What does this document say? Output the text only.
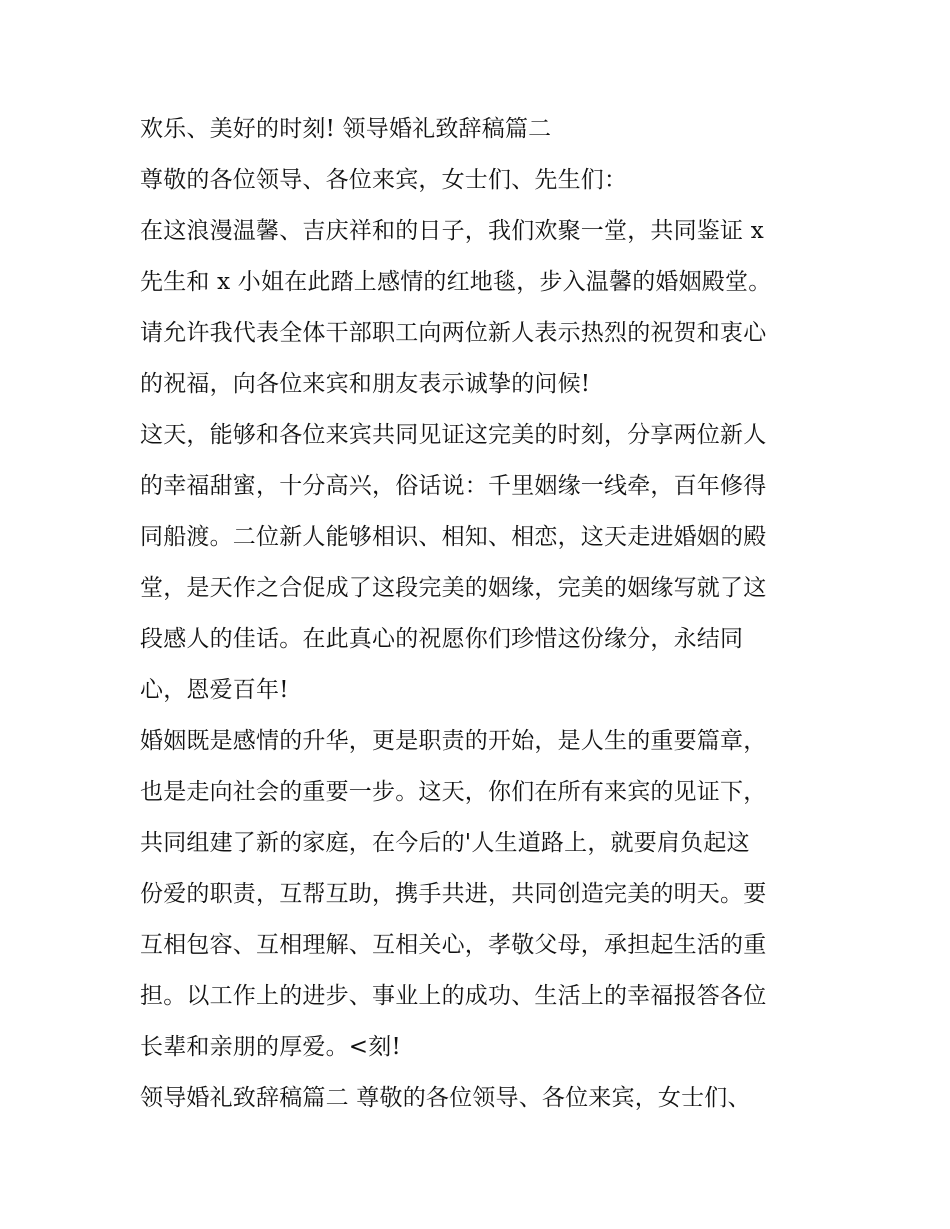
欢乐、美好的时刻! 领导婚礼致辞稿篇二
尊敬的各位领导、各位来宾，女士们、先生们：
在这浪漫温馨、吉庆祥和的日子，我们欢聚一堂，共同鉴证 x
先生和 x 小姐在此踏上感情的红地毯，步入温馨的婚姻殿堂。
请允许我代表全体干部职工向两位新人表示热烈的祝贺和衷心
的祝福，向各位来宾和朋友表示诚挚的问候!
这天，能够和各位来宾共同见证这完美的时刻，分享两位新人
的幸福甜蜜，十分高兴，俗话说：千里姻缘一线牵，百年修得
同船渡。二位新人能够相识、相知、相恋，这天走进婚姻的殿
堂，是天作之合促成了这段完美的姻缘，完美的姻缘写就了这
段感人的佳话。在此真心的祝愿你们珍惜这份缘分，永结同
心，恩爱百年!
婚姻既是感情的升华，更是职责的开始，是人生的重要篇章，
也是走向社会的重要一步。这天，你们在所有来宾的见证下，
共同组建了新的家庭，在今后的'人生道路上，就要肩负起这
份爱的职责，互帮互助，携手共进，共同创造完美的明天。要
互相包容、互相理解、互相关心，孝敬父母，承担起生活的重
担。以工作上的进步、事业上的成功、生活上的幸福报答各位
长辈和亲朋的厚爱。<刻!
领导婚礼致辞稿篇二 尊敬的各位领导、各位来宾，女士们、
